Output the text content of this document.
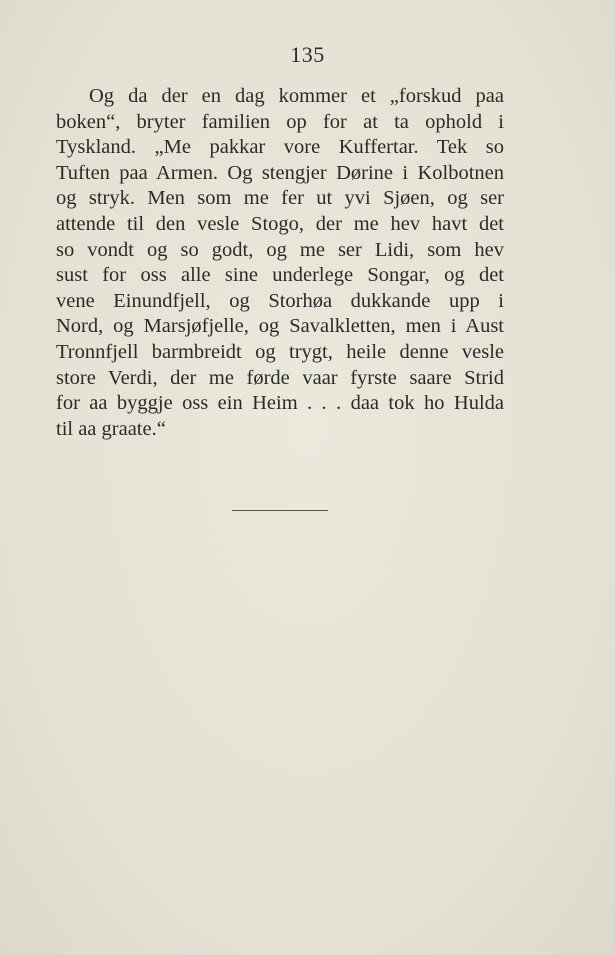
135
Og da der en dag kommer et „forskud paa
boken“, bryter familien op for at ta ophold i
Tyskland. „Me pakkar vore Kuffertar. Tek so
Tuften paa Armen. Og stengjer Dørine i Kolbotnen
og stryk. Men som me fer ut yvi Sjøen, og ser
attende til den vesle Stogo, der me hev havt det
so vondt og so godt, og me ser Lidi, som hev
sust for oss alle sine underlege Songar, og det
vene Einundfjell, og Storhøa dukkande upp i
Nord, og Marsjøfjelle, og Savalkletten, men i Aust
Tronnfjell barmbreidt og trygt, heile denne vesle
store Verdi, der me førde vaar fyrste saare Strid
for aa byggje oss ein Heim . . . daa tok ho Hulda
til aa graate.“
